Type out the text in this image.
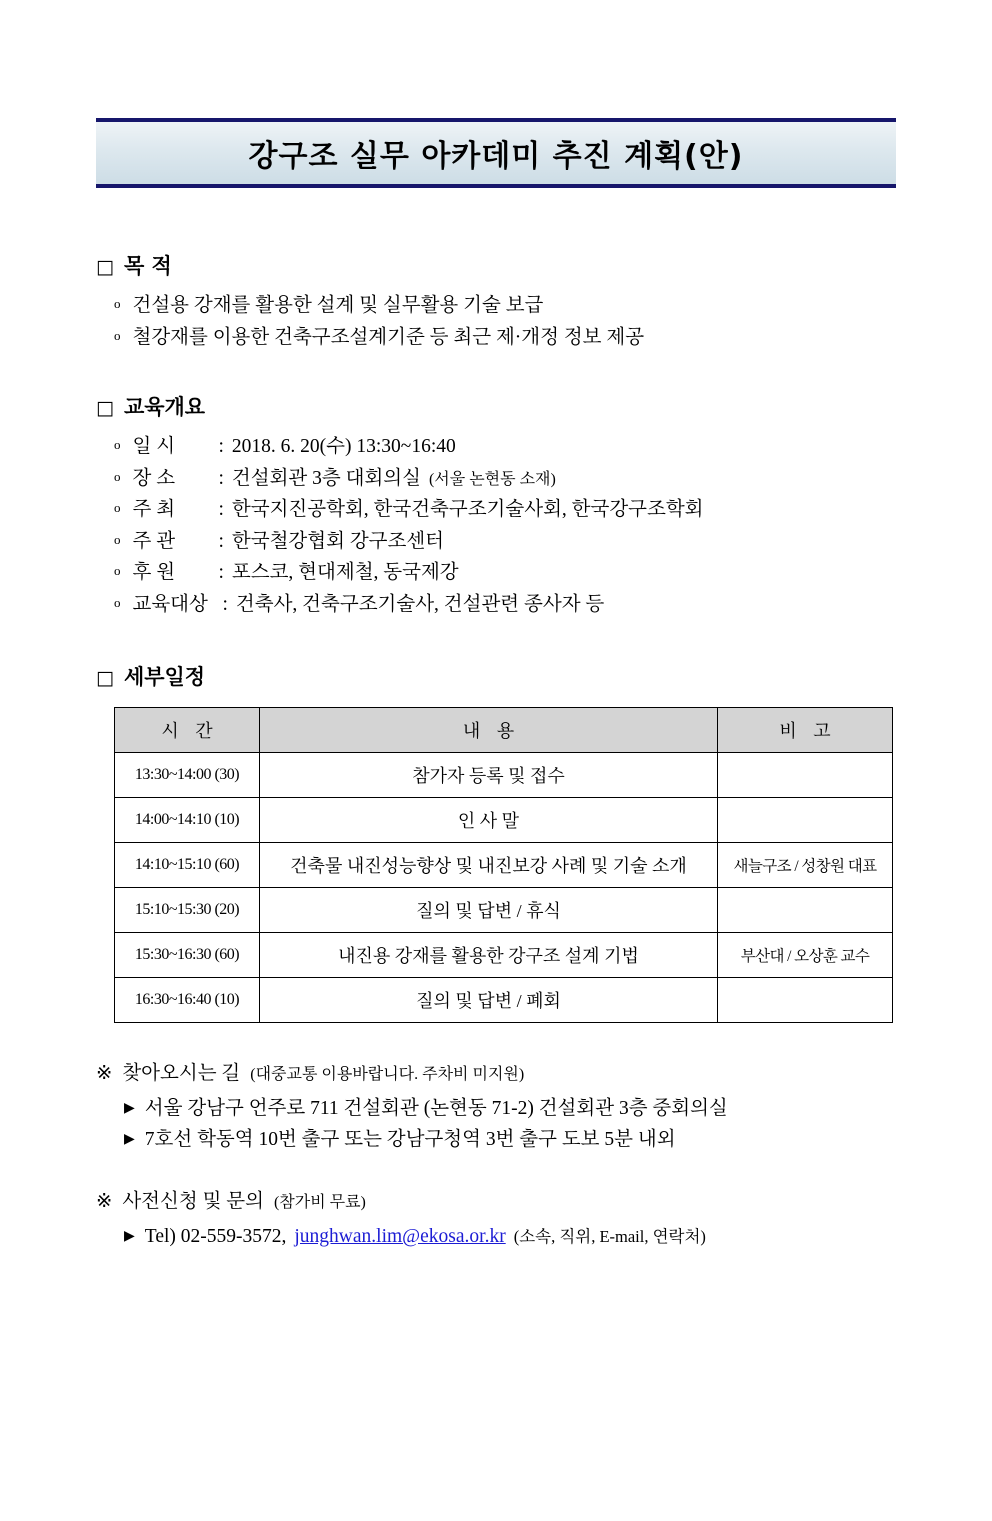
강구조 실무 아카데미 추진 계획(안)
□ 목 적
o 건설용 강재를 활용한 설계 및 실무활용 기술 보급
o 철강재를 이용한 건축구조설계기준 등 최근 제·개정 정보 제공
□ 교육개요
o 일 시	: 2018. 6. 20(수) 13:30~16:40
o 장 소	: 건설회관 3층 대회의실 (서울 논현동 소재)
o 주 최	: 한국지진공학회, 한국건축구조기술사회, 한국강구조학회
o 주 관	: 한국철강협회 강구조센터
o 후 원	: 포스코, 현대제철, 동국제강
o 교육대상 : 건축사, 건축구조기술사, 건설관련 종사자 등
□ 세부일정
시 간	내 용	비 고
13:30~14:00 (30)	참가자 등록 및 접수	
14:00~14:10 (10)	인 사 말	
14:10~15:10 (60)	건축물 내진성능향상 및 내진보강 사례 및 기술 소개	새늘구조 / 성창원 대표
15:10~15:30 (20)	질의 및 답변 / 휴식	
15:30~16:30 (60)	내진용 강재를 활용한 강구조 설계 기법	부산대 / 오상훈 교수
16:30~16:40 (10)	질의 및 답변 / 폐회	
※ 찾아오시는 길 (대중교통 이용바랍니다. 주차비 미지원)
▶ 서울 강남구 언주로 711 건설회관 (논현동 71-2) 건설회관 3층 중회의실
▶ 7호선 학동역 10번 출구 또는 강남구청역 3번 출구 도보 5분 내외
※ 사전신청 및 문의 (참가비 무료)
▶ Tel) 02-559-3572, junghwan.lim@ekosa.or.kr (소속, 직위, E-mail, 연락처)
